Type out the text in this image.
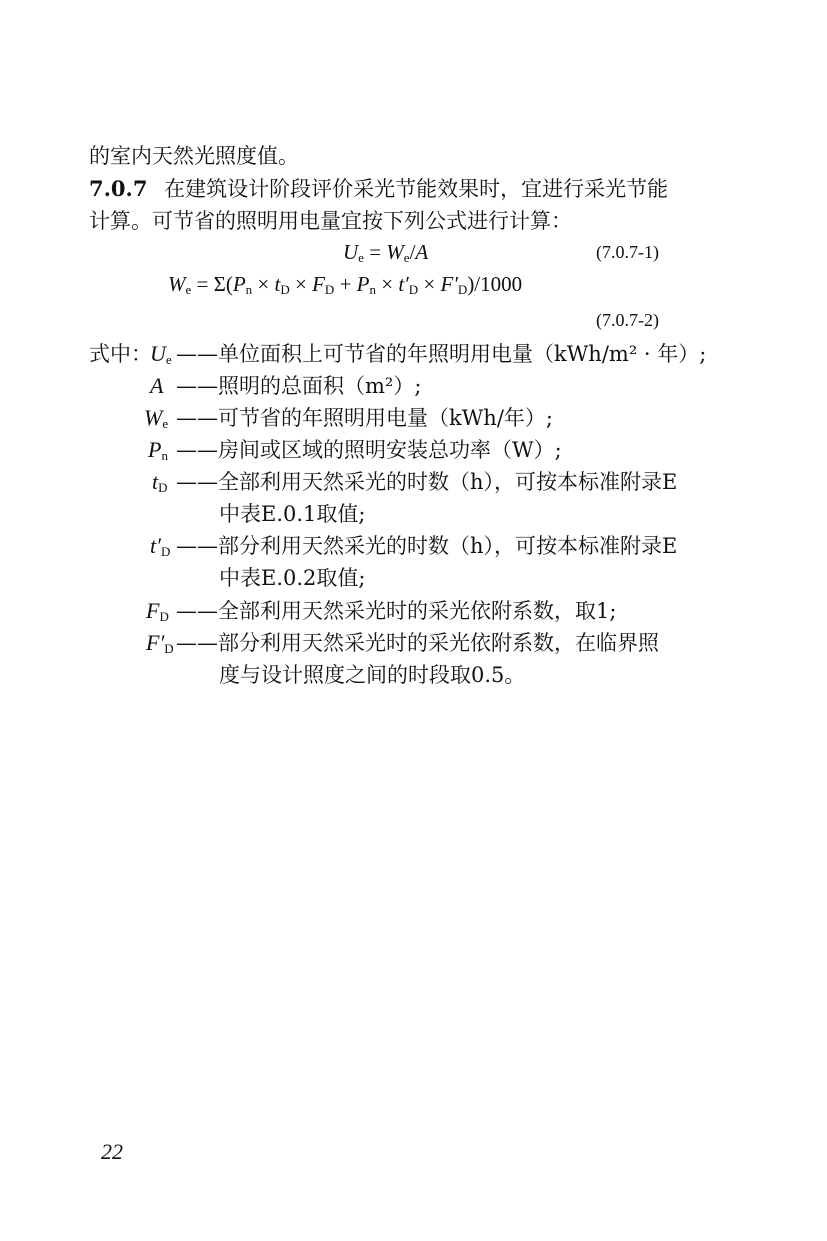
的室内天然光照度值。
7.0.7 在建筑设计阶段评价采光节能效果时，宜进行采光节能
计算。可节省的照明用电量宜按下列公式进行计算：
$U_e = W_e/A$	(7.0.7-1)
$W_e = \Sigma(P_n \times t_D \times F_D + P_n \times t'_D \times F'_D)/1000$
(7.0.7-2)
式中：
$U_e$ ——单位面积上可节省的年照明用电量（kWh/m² · 年）;
A ——照明的总面积（m²）;
$W_e$ ——可节省的年照明用电量（kWh/年）;
$P_n$ ——房间或区域的照明安装总功率（W）;
$t_D$ ——全部利用天然采光的时数（h），可按本标准附录E
中表E.0.1取值;
$t'_D$ ——部分利用天然采光的时数（h），可按本标准附录E
中表E.0.2取值;
$F_D$ ——全部利用天然采光时的采光依附系数，取1;
$F'_D$ ——部分利用天然采光时的采光依附系数，在临界照
度与设计照度之间的时段取0.5。
22
